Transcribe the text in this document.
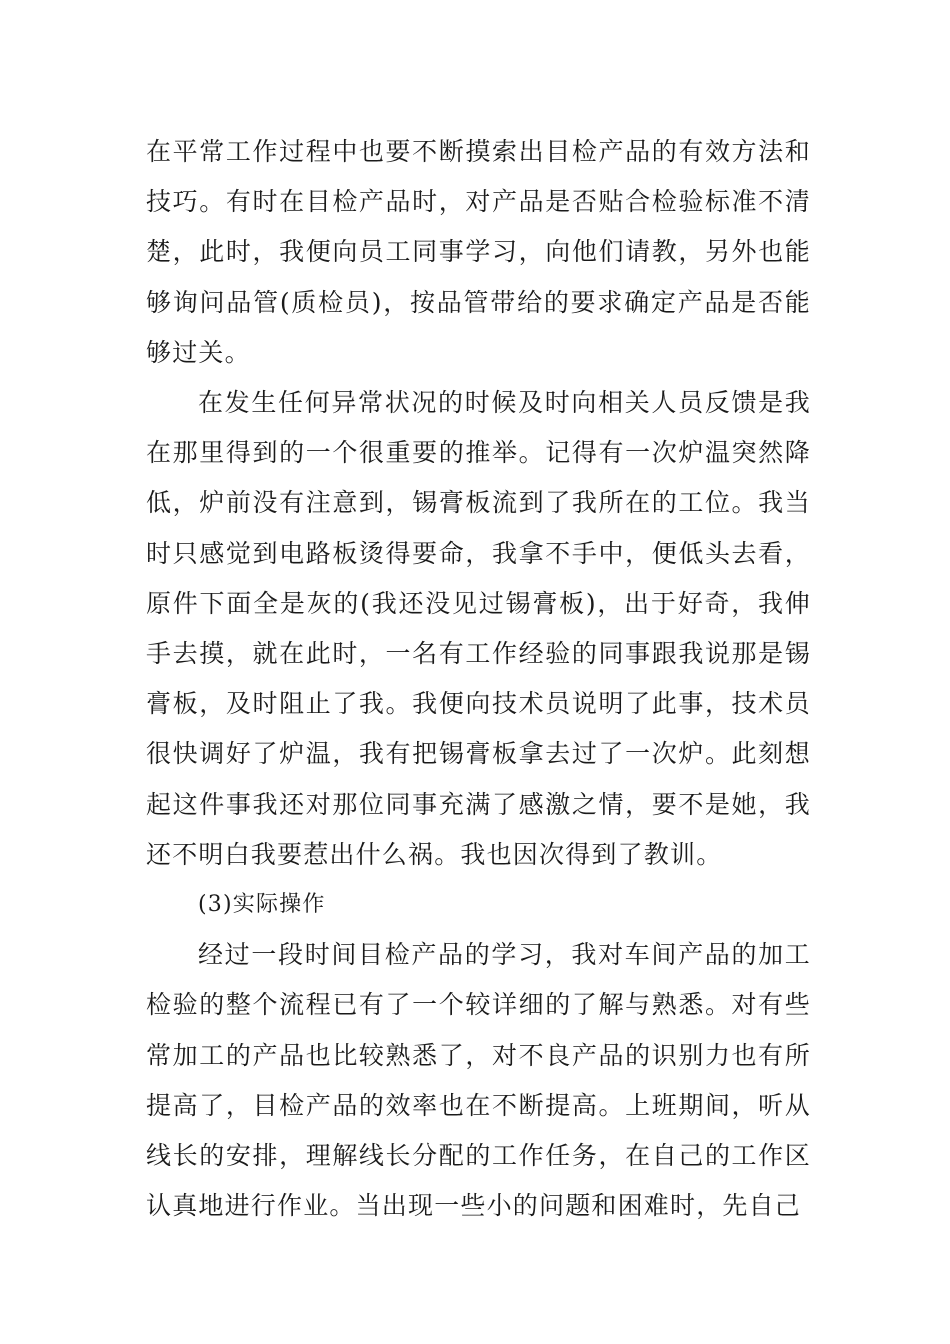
在平常工作过程中也要不断摸索出目检产品的有效方法和技巧。有时在目检产品时，对产品是否贴合检验标准不清楚，此时，我便向员工同事学习，向他们请教，另外也能够询问品管(质检员)，按品管带给的要求确定产品是否能够过关。

在发生任何异常状况的时候及时向相关人员反馈是我在那里得到的一个很重要的推举。记得有一次炉温突然降低，炉前没有注意到，锡膏板流到了我所在的工位。我当时只感觉到电路板烫得要命，我拿不手中，便低头去看，原件下面全是灰的(我还没见过锡膏板)，出于好奇，我伸手去摸，就在此时，一名有工作经验的同事跟我说那是锡膏板，及时阻止了我。我便向技术员说明了此事，技术员很快调好了炉温，我有把锡膏板拿去过了一次炉。此刻想起这件事我还对那位同事充满了感激之情，要不是她，我还不明白我要惹出什么祸。我也因次得到了教训。

(3)实际操作

经过一段时间目检产品的学习，我对车间产品的加工检验的整个流程已有了一个较详细的了解与熟悉。对有些常加工的产品也比较熟悉了，对不良产品的识别力也有所提高了，目检产品的效率也在不断提高。上班期间，听从线长的安排，理解线长分配的工作任务，在自己的工作区认真地进行作业。当出现一些小的问题和困难时，先自己
